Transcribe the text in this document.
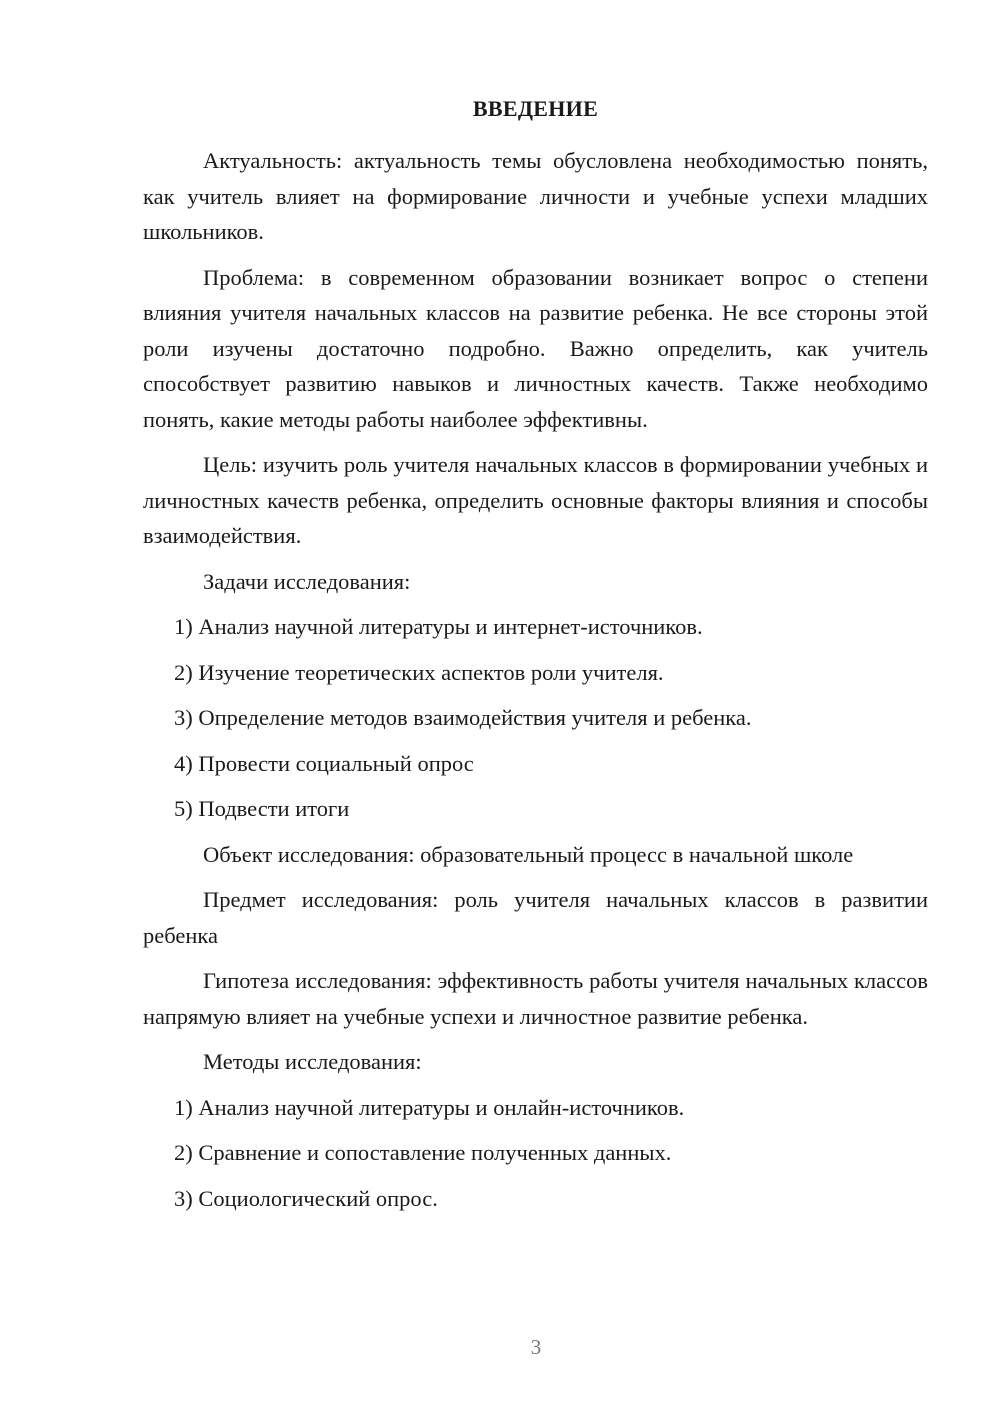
ВВЕДЕНИЕ

Актуальность: актуальность темы обусловлена необходимостью понять, как учитель влияет на формирование личности и учебные успехи младших школьников.

Проблема: в современном образовании возникает вопрос о степени влияния учителя начальных классов на развитие ребенка. Не все стороны этой роли изучены достаточно подробно. Важно определить, как учитель способствует развитию навыков и личностных качеств. Также необходимо понять, какие методы работы наиболее эффективны.

Цель: изучить роль учителя начальных классов в формировании учебных и личностных качеств ребенка, определить основные факторы влияния и способы взаимодействия.

Задачи исследования:
1) Анализ научной литературы и интернет-источников.
2) Изучение теоретических аспектов роли учителя.
3) Определение методов взаимодействия учителя и ребенка.
4) Провести социальный опрос
5) Подвести итоги

Объект исследования: образовательный процесс в начальной школе

Предмет исследования: роль учителя начальных классов в развитии ребенка

Гипотеза исследования: эффективность работы учителя начальных классов напрямую влияет на учебные успехи и личностное развитие ребенка.

Методы исследования:
1) Анализ научной литературы и онлайн-источников.
2) Сравнение и сопоставление полученных данных.
3) Социологический опрос.
3
